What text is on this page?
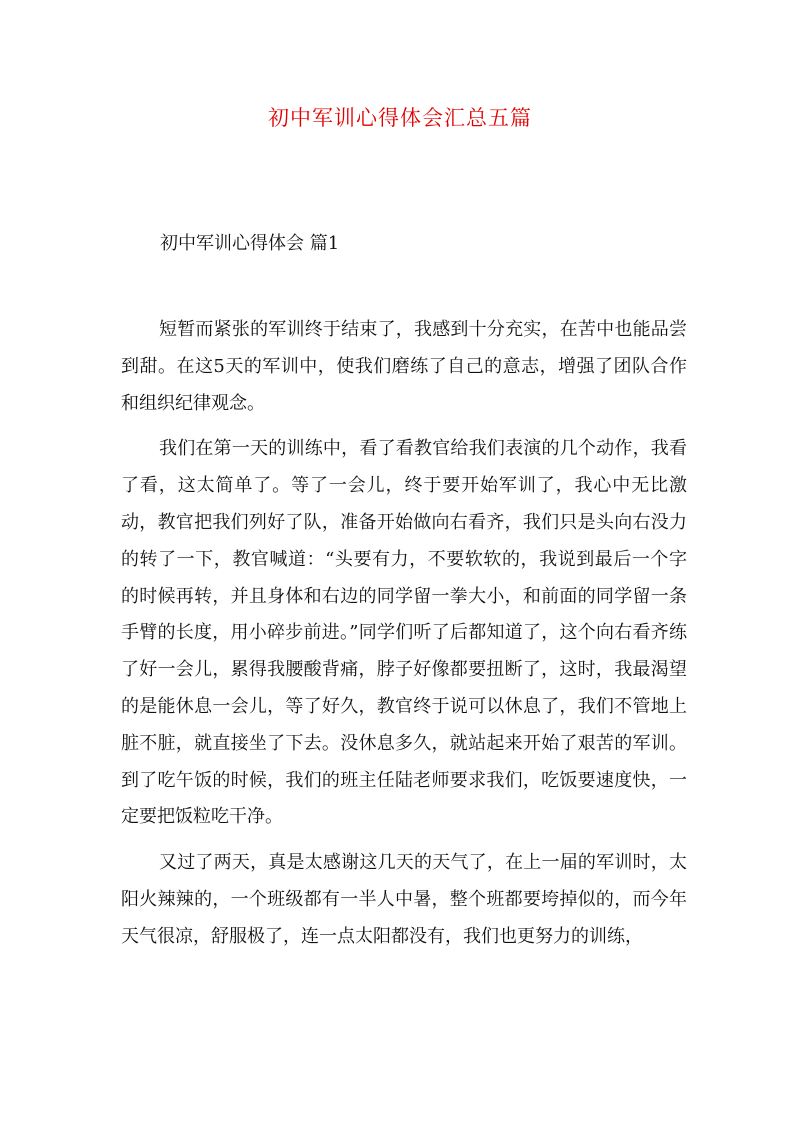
初中军训心得体会汇总五篇
初中军训心得体会 篇1

短暂而紧张的军训终于结束了，我感到十分充实，在苦中也能品尝到甜。在这5天的军训中，使我们磨练了自己的意志，增强了团队合作和组织纪律观念。

我们在第一天的训练中，看了看教官给我们表演的几个动作，我看了看，这太简单了。等了一会儿，终于要开始军训了，我心中无比激动，教官把我们列好了队，准备开始做向右看齐，我们只是头向右没力的转了一下，教官喊道：“头要有力，不要软软的，我说到最后一个字的时候再转，并且身体和右边的同学留一拳大小，和前面的同学留一条手臂的长度，用小碎步前进。”同学们听了后都知道了，这个向右看齐练了好一会儿，累得我腰酸背痛，脖子好像都要扭断了，这时，我最渴望的是能休息一会儿，等了好久，教官终于说可以休息了，我们不管地上脏不脏，就直接坐了下去。没休息多久，就站起来开始了艰苦的军训。到了吃午饭的时候，我们的班主任陆老师要求我们，吃饭要速度快，一定要把饭粒吃干净。

又过了两天，真是太感谢这几天的天气了，在上一届的军训时，太阳火辣辣的，一个班级都有一半人中暑，整个班都要垮掉似的，而今年天气很凉，舒服极了，连一点太阳都没有，我们也更努力的训练，
